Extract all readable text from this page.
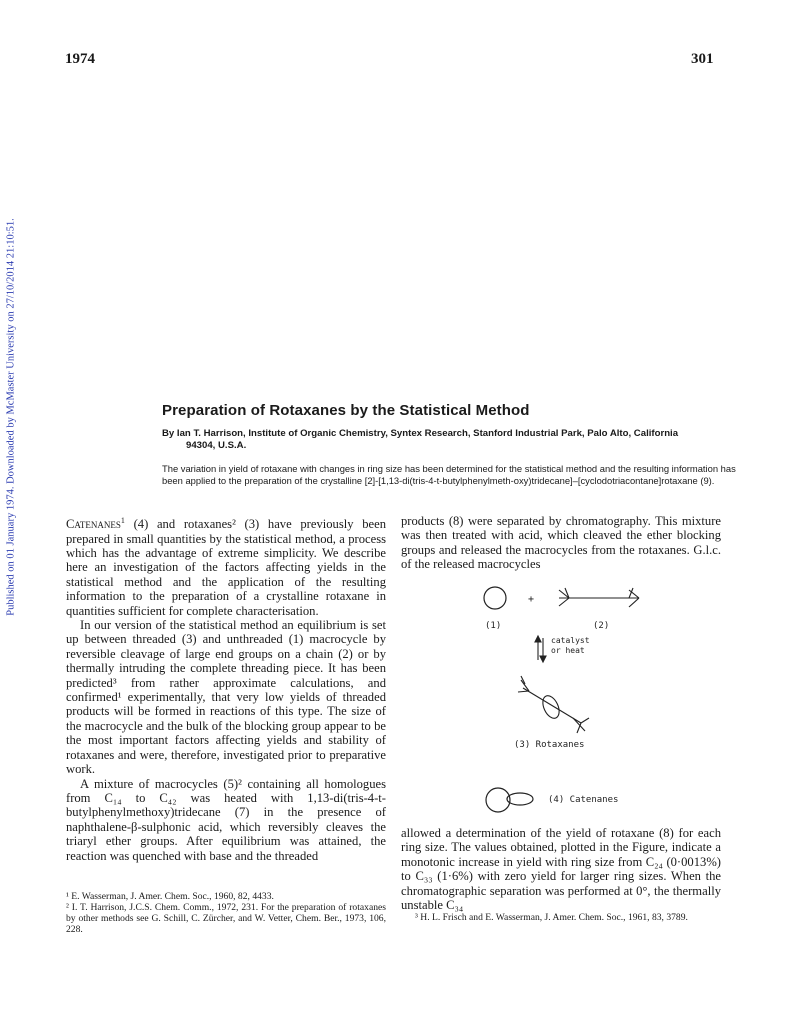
1974	301
Published on 01 January 1974. Downloaded by McMaster University on 27/10/2014 21:10:51.	Preparation of Rotaxanes by the Statistical Method
By Ian T. Harrison, Institute of Organic Chemistry, Syntex Research, Stanford Industrial Park, Palo Alto, California
94304, U.S.A.
The variation in yield of rotaxane with changes in ring size has been determined for the statistical method and the resulting information has been applied to the preparation of the crystalline [2]-[1,13-di(tris-4-t-butylphenylmeth-oxy)tridecane]–[cyclodotriacontane]rotaxane (9).

Catenanes$^1$ (4) and rotaxanes² (3) have previously been prepared in small quantities by the statistical method, a process which has the advantage of extreme simplicity. We describe here an investigation of the factors affecting yields in the statistical method and the application of the resulting information to the preparation of a crystalline rotaxane in quantities sufficient for complete characterisation.

In our version of the statistical method an equilibrium is set up between threaded (3) and unthreaded (1) macrocycle by reversible cleavage of large end groups on a chain (2) or by thermally intruding the complete threading piece. It has been predicted³ from rather approximate calculations, and confirmed¹ experimentally, that very low yields of threaded products will be formed in reactions of this type. The size of the macrocycle and the bulk of the blocking group appear to be the most important factors affecting yields and stability of rotaxanes and were, therefore, investigated prior to preparative work.

A mixture of macrocycles (5)² containing all homologues from C₁₄ to C₄₂ was heated with 1,13-di(tris-4-t-butylphenylmethoxy)tridecane (7) in the presence of naphthalene-β-sulphonic acid, which reversibly cleaves the triaryl ether groups. After equilibrium was attained, the reaction was quenched with base and the threaded

¹ E. Wasserman, J. Amer. Chem. Soc., 1960, 82, 4433.

² I. T. Harrison, J.C.S. Chem. Comm., 1972, 231. For the preparation of rotaxanes by other methods see G. Schill, C. Zürcher, and W. Vetter, Chem. Ber., 1973, 106, 228.

products (8) were separated by chromatography. This mixture was then treated with acid, which cleaved the ether blocking groups and released the macrocycles from the rotaxanes. G.l.c. of the released macrocycles

+
(1)	(2)
catalyst
or heat
(3) Rotaxanes
(4) Catenanes

allowed a determination of the yield of rotaxane (8) for each ring size. The values obtained, plotted in the Figure, indicate a monotonic increase in yield with ring size from C₂₄ (0·0013%) to C₃₃ (1·6%) with zero yield for larger ring sizes. When the chromatographic separation was performed at 0°, the thermally unstable C₃₄

³ H. L. Frisch and E. Wasserman, J. Amer. Chem. Soc., 1961, 83, 3789.
